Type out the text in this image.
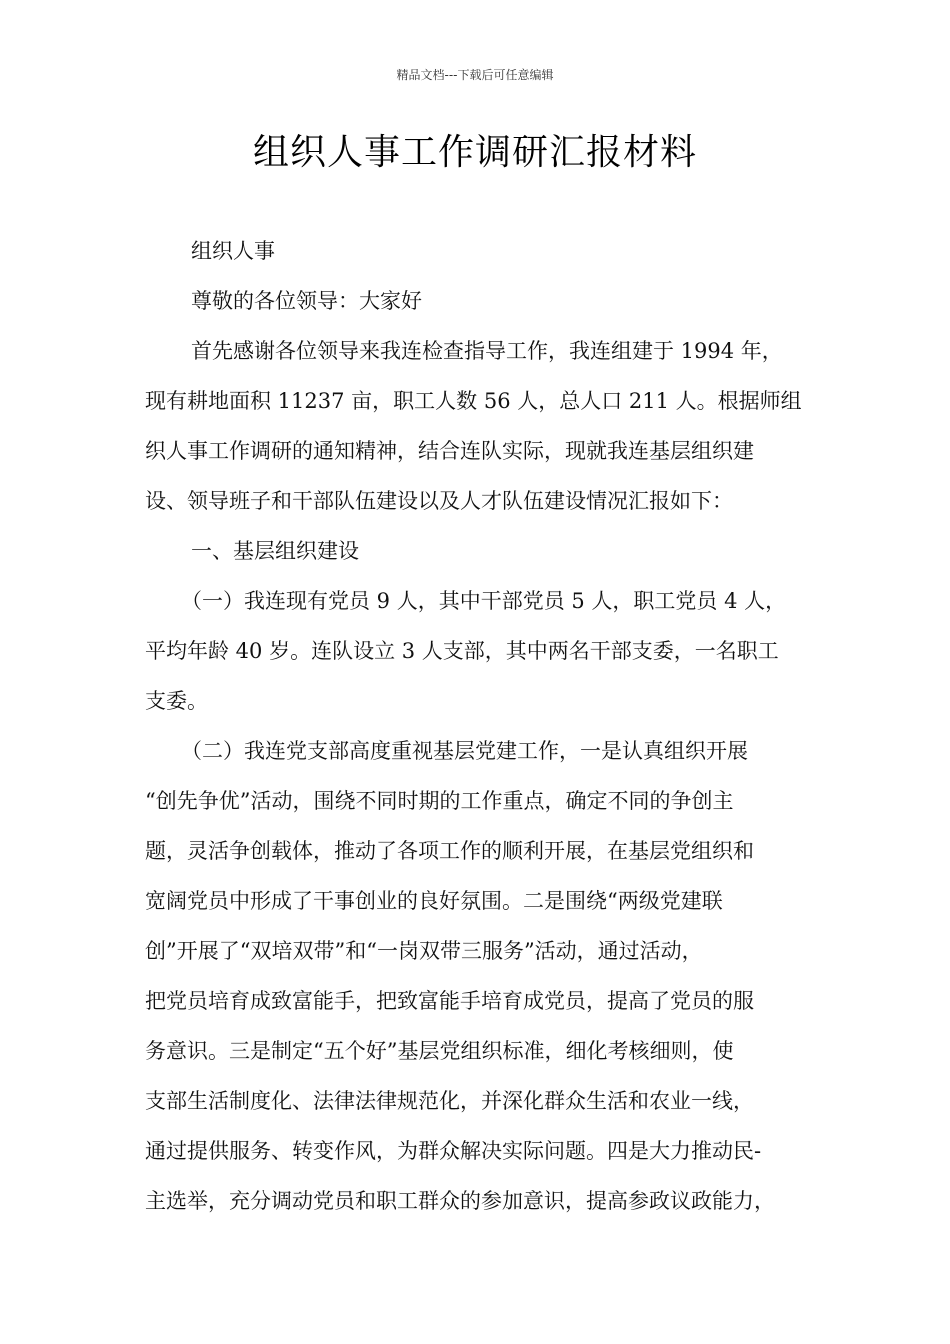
精品文档---下载后可任意编辑
组织人事工作调研汇报材料
组织人事
尊敬的各位领导：大家好
首先感谢各位领导来我连检查指导工作，我连组建于 1994 年，
现有耕地面积 11237 亩，职工人数 56 人，总人口 211 人。根据师组
织人事工作调研的通知精神，结合连队实际，现就我连基层组织建
设、领导班子和干部队伍建设以及人才队伍建设情况汇报如下：
一、基层组织建设
（一）我连现有党员 9 人，其中干部党员 5 人，职工党员 4 人，
平均年龄 40 岁。连队设立 3 人支部，其中两名干部支委，一名职工
支委。
（二）我连党支部高度重视基层党建工作，一是认真组织开展
“创先争优”活动，围绕不同时期的工作重点，确定不同的争创主
题，灵活争创载体，推动了各项工作的顺利开展，在基层党组织和
宽阔党员中形成了干事创业的良好氛围。二是围绕“两级党建联
创”开展了“双培双带”和“一岗双带三服务”活动，通过活动，
把党员培育成致富能手，把致富能手培育成党员，提高了党员的服
务意识。三是制定“五个好”基层党组织标准，细化考核细则，使
支部生活制度化、法律法律规范化，并深化群众生活和农业一线，
通过提供服务、转变作风，为群众解决实际问题。四是大力推动民-
主选举，充分调动党员和职工群众的参加意识，提高参政议政能力，
